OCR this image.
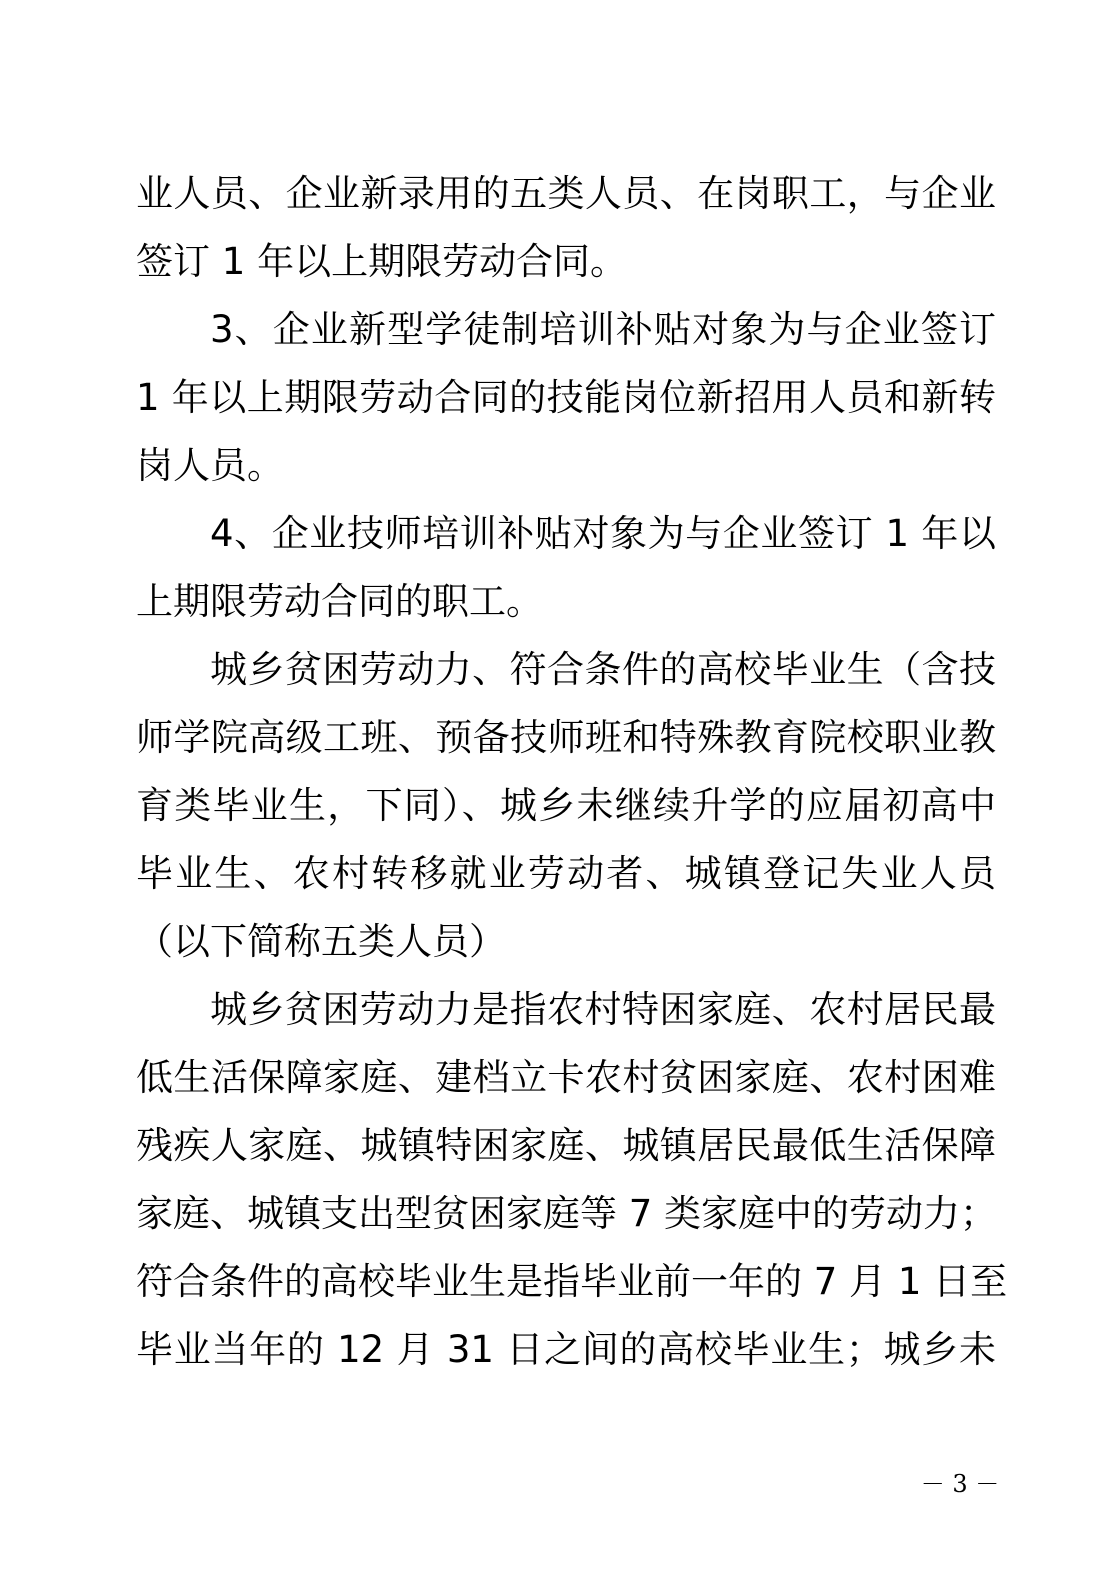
业人员、企业新录用的五类人员、在岗职工，与企业
签订 1 年以上期限劳动合同。
3、企业新型学徒制培训补贴对象为与企业签订
1 年以上期限劳动合同的技能岗位新招用人员和新转
岗人员。
4、企业技师培训补贴对象为与企业签订 1 年以
上期限劳动合同的职工。
城乡贫困劳动力、符合条件的高校毕业生（含技
师学院高级工班、预备技师班和特殊教育院校职业教
育类毕业生，下同）、城乡未继续升学的应届初高中
毕业生、农村转移就业劳动者、城镇登记失业人员
（以下简称五类人员）
城乡贫困劳动力是指农村特困家庭、农村居民最
低生活保障家庭、建档立卡农村贫困家庭、农村困难
残疾人家庭、城镇特困家庭、城镇居民最低生活保障
家庭、城镇支出型贫困家庭等 7 类家庭中的劳动力；
符合条件的高校毕业生是指毕业前一年的 7 月 1 日至
毕业当年的 12 月 31 日之间的高校毕业生；城乡未
－ 3 －
